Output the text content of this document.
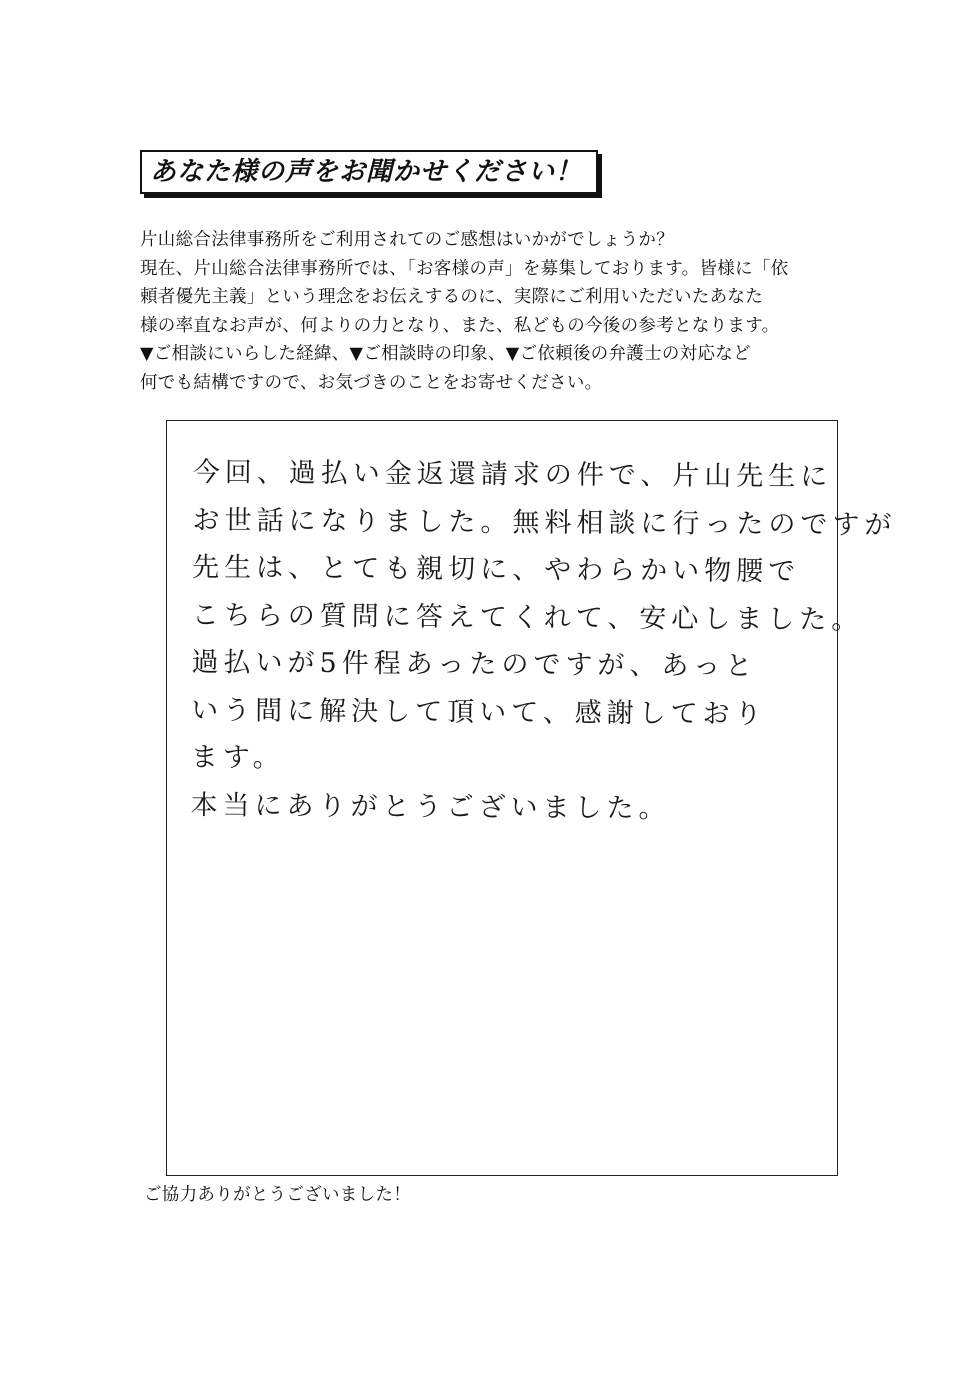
あなた様の声をお聞かせください！

片山総合法律事務所をご利用されてのご感想はいかがでしょうか？

現在、片山総合法律事務所では、「お客様の声」を募集しております。皆様に「依

頼者優先主義」という理念をお伝えするのに、実際にご利用いただいたあなた

様の率直なお声が、何よりの力となり、また、私どもの今後の参考となります。

▼ご相談にいらした経緯、▼ご相談時の印象、▼ご依頼後の弁護士の対応など

何でも結構ですので、お気づきのことをお寄せください。

今回、過払い金返還請求の件で、片山先生に
お世話になりました。無料相談に行ったのですが
先生は、とても親切に、やわらかい物腰で
こちらの質問に答えてくれて、安心しました。
過払いが5件程あったのですが、あっと
いう間に解決して頂いて、感謝しており
ます。
本当にありがとうございました。
ご協力ありがとうございました！
